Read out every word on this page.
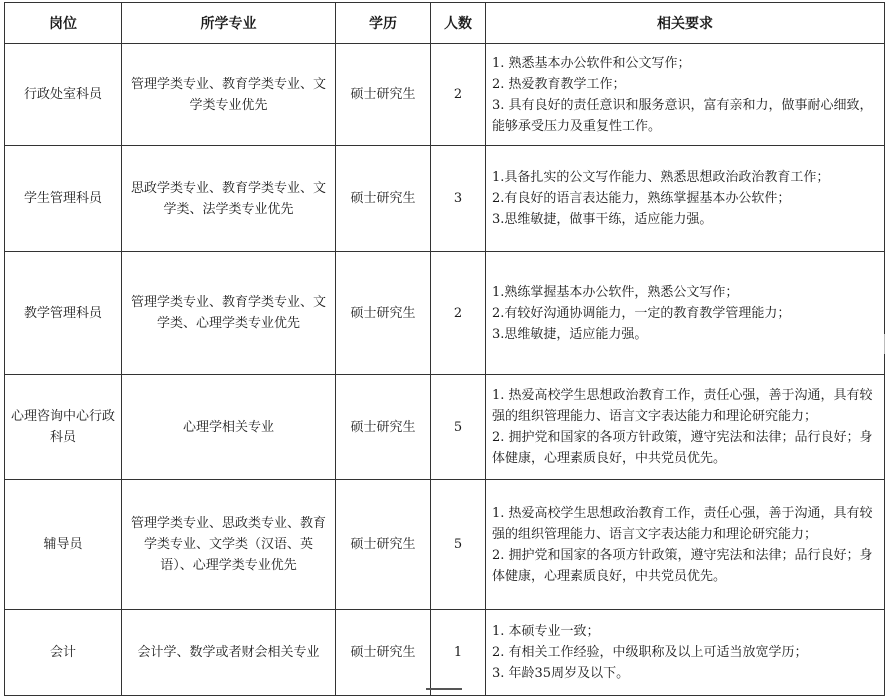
岗位	所学专业	学历	人数	相关要求
行政处室科员	管理学类专业、教育学类专业、文学类专业优先	硕士研究生	2	1. 熟悉基本办公软件和公文写作；
2. 热爱教育教学工作；
3. 具有良好的责任意识和服务意识，富有亲和力，做事耐心细致，能够承受压力及重复性工作。

学生管理科员	思政学类专业、教育学类专业、文学类、法学类专业优先	硕士研究生	3	1.具备扎实的公文写作能力、熟悉思想政治政治教育工作；
2.有良好的语言表达能力，熟练掌握基本办公软件；
3.思维敏捷，做事干练，适应能力强。

教学管理科员	管理学类专业、教育学类专业、文学类、心理学类专业优先	硕士研究生	2	1.熟练掌握基本办公软件，熟悉公文写作；
2.有较好沟通协调能力，一定的教育教学管理能力；
3.思维敏捷，适应能力强。

心理咨询中心行政科员	心理学相关专业	硕士研究生	5	1. 热爱高校学生思想政治教育工作，责任心强，善于沟通，具有较强的组织管理能力、语言文字表达能力和理论研究能力；
2. 拥护党和国家的各项方针政策，遵守宪法和法律；品行良好；身体健康，心理素质良好，中共党员优先。

辅导员	管理学类专业、思政类专业、教育学类专业、文学类（汉语、英语）、心理学类专业优先	硕士研究生	5	1. 热爱高校学生思想政治教育工作，责任心强，善于沟通，具有较强的组织管理能力、语言文字表达能力和理论研究能力；
2. 拥护党和国家的各项方针政策，遵守宪法和法律；品行良好；身体健康，心理素质良好，中共党员优先。

会计	会计学、数学或者财会相关专业	硕士研究生	1	1. 本硕专业一致；
2. 有相关工作经验，中级职称及以上可适当放宽学历；
3. 年龄35周岁及以下。
